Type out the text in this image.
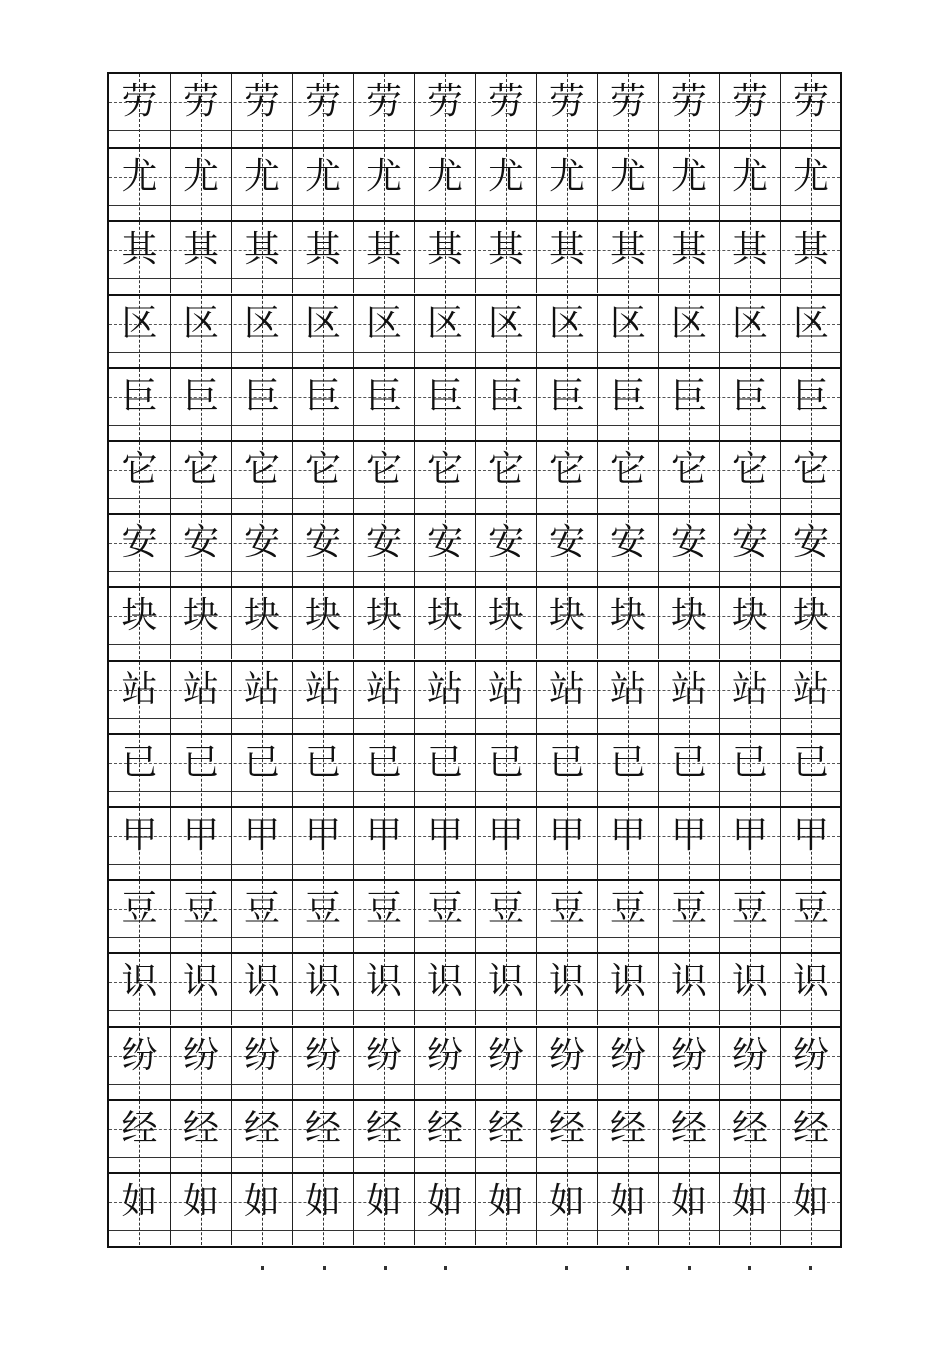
劳 劳 劳 劳 劳 劳 劳 劳 劳 劳 劳 劳
尤 尤 尤 尤 尤 尤 尤 尤 尤 尤 尤 尤
其 其 其 其 其 其 其 其 其 其 其 其
区 区 区 区 区 区 区 区 区 区 区 区
巨 巨 巨 巨 巨 巨 巨 巨 巨 巨 巨 巨
它 它 它 它 它 它 它 它 它 它 它 它
安 安 安 安 安 安 安 安 安 安 安 安
块 块 块 块 块 块 块 块 块 块 块 块
站 站 站 站 站 站 站 站 站 站 站 站
已 已 已 已 已 已 已 已 已 已 已 已
甲 甲 甲 甲 甲 甲 甲 甲 甲 甲 甲 甲
豆 豆 豆 豆 豆 豆 豆 豆 豆 豆 豆 豆
识 识 识 识 识 识 识 识 识 识 识 识
纷 纷 纷 纷 纷 纷 纷 纷 纷 纷 纷 纷
经 经 经 经 经 经 经 经 经 经 经 经
如 如 如 如 如 如 如 如 如 如 如 如
